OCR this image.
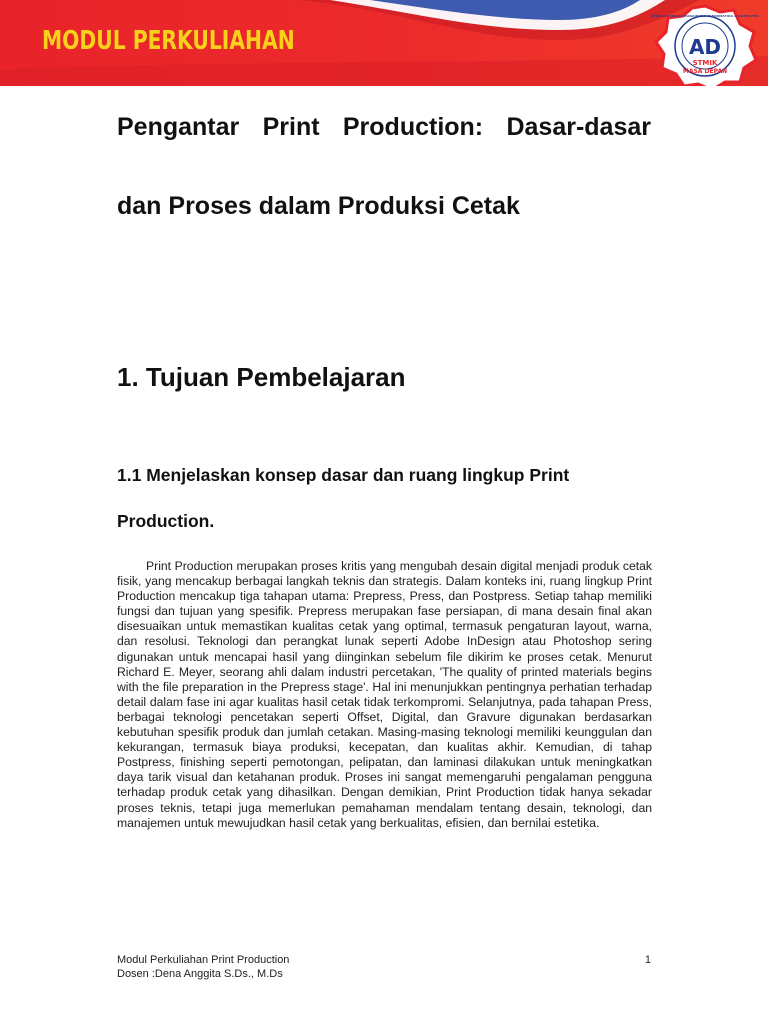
MODUL PERKULIAHAN	AD
SEKOLAH TINGGI MANAJEMEN INFORMATIKA & KOMPUTER
STMIK
MASA DEPAN
Pengantar Print Production: Dasar-dasar dan Proses dalam Produksi Cetak
1. Tujuan Pembelajaran
1.1 Menjelaskan konsep dasar dan ruang lingkup Print Production.

Print Production merupakan proses kritis yang mengubah desain digital menjadi produk cetak fisik, yang mencakup berbagai langkah teknis dan strategis. Dalam konteks ini, ruang lingkup Print Production mencakup tiga tahapan utama: Prepress, Press, dan Postpress. Setiap tahap memiliki fungsi dan tujuan yang spesifik. Prepress merupakan fase persiapan, di mana desain final akan disesuaikan untuk memastikan kualitas cetak yang optimal, termasuk pengaturan layout, warna, dan resolusi. Teknologi dan perangkat lunak seperti Adobe InDesign atau Photoshop sering digunakan untuk mencapai hasil yang diinginkan sebelum file dikirim ke proses cetak. Menurut Richard E. Meyer, seorang ahli dalam industri percetakan, 'The quality of printed materials begins with the file preparation in the Prepress stage'. Hal ini menunjukkan pentingnya perhatian terhadap detail dalam fase ini agar kualitas hasil cetak tidak terkompromi. Selanjutnya, pada tahapan Press, berbagai teknologi pencetakan seperti Offset, Digital, dan Gravure digunakan berdasarkan kebutuhan spesifik produk dan jumlah cetakan. Masing-masing teknologi memiliki keunggulan dan kekurangan, termasuk biaya produksi, kecepatan, dan kualitas akhir. Kemudian, di tahap Postpress, finishing seperti pemotongan, pelipatan, dan laminasi dilakukan untuk meningkatkan daya tarik visual dan ketahanan produk. Proses ini sangat memengaruhi pengalaman pengguna terhadap produk cetak yang dihasilkan. Dengan demikian, Print Production tidak hanya sekadar proses teknis, tetapi juga memerlukan pemahaman mendalam tentang desain, teknologi, dan manajemen untuk mewujudkan hasil cetak yang berkualitas, efisien, dan bernilai estetika.

Modul Perkuliahan Print Production
Dosen :Dena Anggita S.Ds., M.Ds
1
